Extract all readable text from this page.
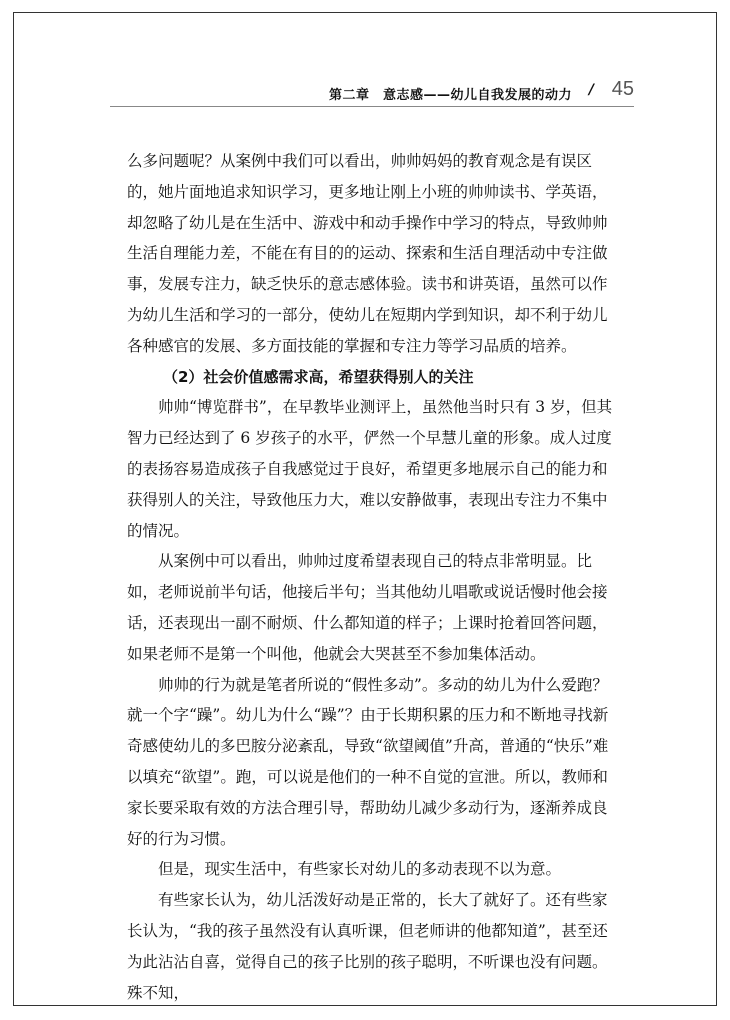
第二章　意志感——幼儿自我发展的动力 / 45

么多问题呢？从案例中我们可以看出，帅帅妈妈的教育观念是有误区的，她片面地追求知识学习，更多地让刚上小班的帅帅读书、学英语，却忽略了幼儿是在生活中、游戏中和动手操作中学习的特点，导致帅帅生活自理能力差，不能在有目的的运动、探索和生活自理活动中专注做事，发展专注力，缺乏快乐的意志感体验。读书和讲英语，虽然可以作为幼儿生活和学习的一部分，使幼儿在短期内学到知识，却不利于幼儿各种感官的发展、多方面技能的掌握和专注力等学习品质的培养。

（2）社会价值感需求高，希望获得别人的关注

帅帅“博览群书”，在早教毕业测评上，虽然他当时只有 3 岁，但其智力已经达到了 6 岁孩子的水平，俨然一个早慧儿童的形象。成人过度的表扬容易造成孩子自我感觉过于良好，希望更多地展示自己的能力和获得别人的关注，导致他压力大，难以安静做事，表现出专注力不集中的情况。

从案例中可以看出，帅帅过度希望表现自己的特点非常明显。比如，老师说前半句话，他接后半句；当其他幼儿唱歌或说话慢时他会接话，还表现出一副不耐烦、什么都知道的样子；上课时抢着回答问题，如果老师不是第一个叫他，他就会大哭甚至不参加集体活动。

帅帅的行为就是笔者所说的“假性多动”。多动的幼儿为什么爱跑？就一个字“躁”。幼儿为什么“躁”？由于长期积累的压力和不断地寻找新奇感使幼儿的多巴胺分泌紊乱，导致“欲望阈值”升高，普通的“快乐”难以填充“欲望”。跑，可以说是他们的一种不自觉的宣泄。所以，教师和家长要采取有效的方法合理引导，帮助幼儿减少多动行为，逐渐养成良好的行为习惯。

但是，现实生活中，有些家长对幼儿的多动表现不以为意。

有些家长认为，幼儿活泼好动是正常的，长大了就好了。还有些家长认为，“我的孩子虽然没有认真听课，但老师讲的他都知道”，甚至还为此沾沾自喜，觉得自己的孩子比别的孩子聪明，不听课也没有问题。殊不知，
